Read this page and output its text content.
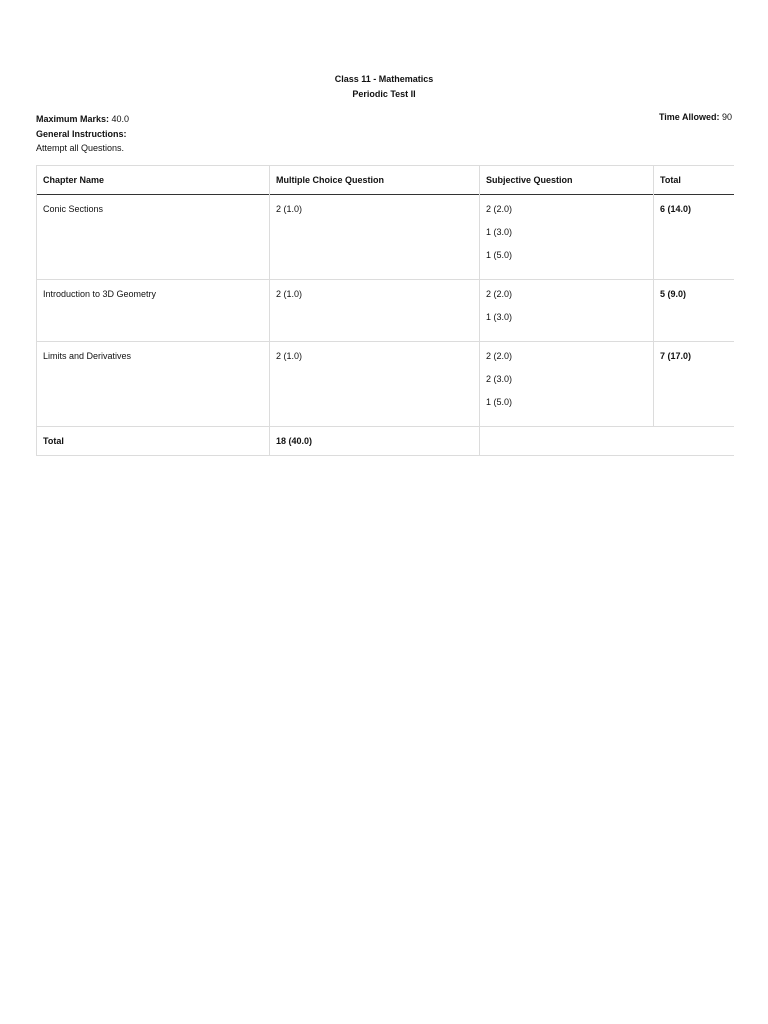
Class 11 - Mathematics
Periodic Test II
Maximum Marks: 40.0
General Instructions:
Attempt all Questions.
Time Allowed: 90
Chapter Name	Multiple Choice Question	Subjective Question	Total
Conic Sections	2 (1.0)	2 (2.0)
1 (3.0)
1 (5.0)	6 (14.0)
Introduction to 3D Geometry	2 (1.0)	2 (2.0)
1 (3.0)	5 (9.0)
Limits and Derivatives	2 (1.0)	2 (2.0)
2 (3.0)
1 (5.0)	7 (17.0)
Total	18 (40.0)		
